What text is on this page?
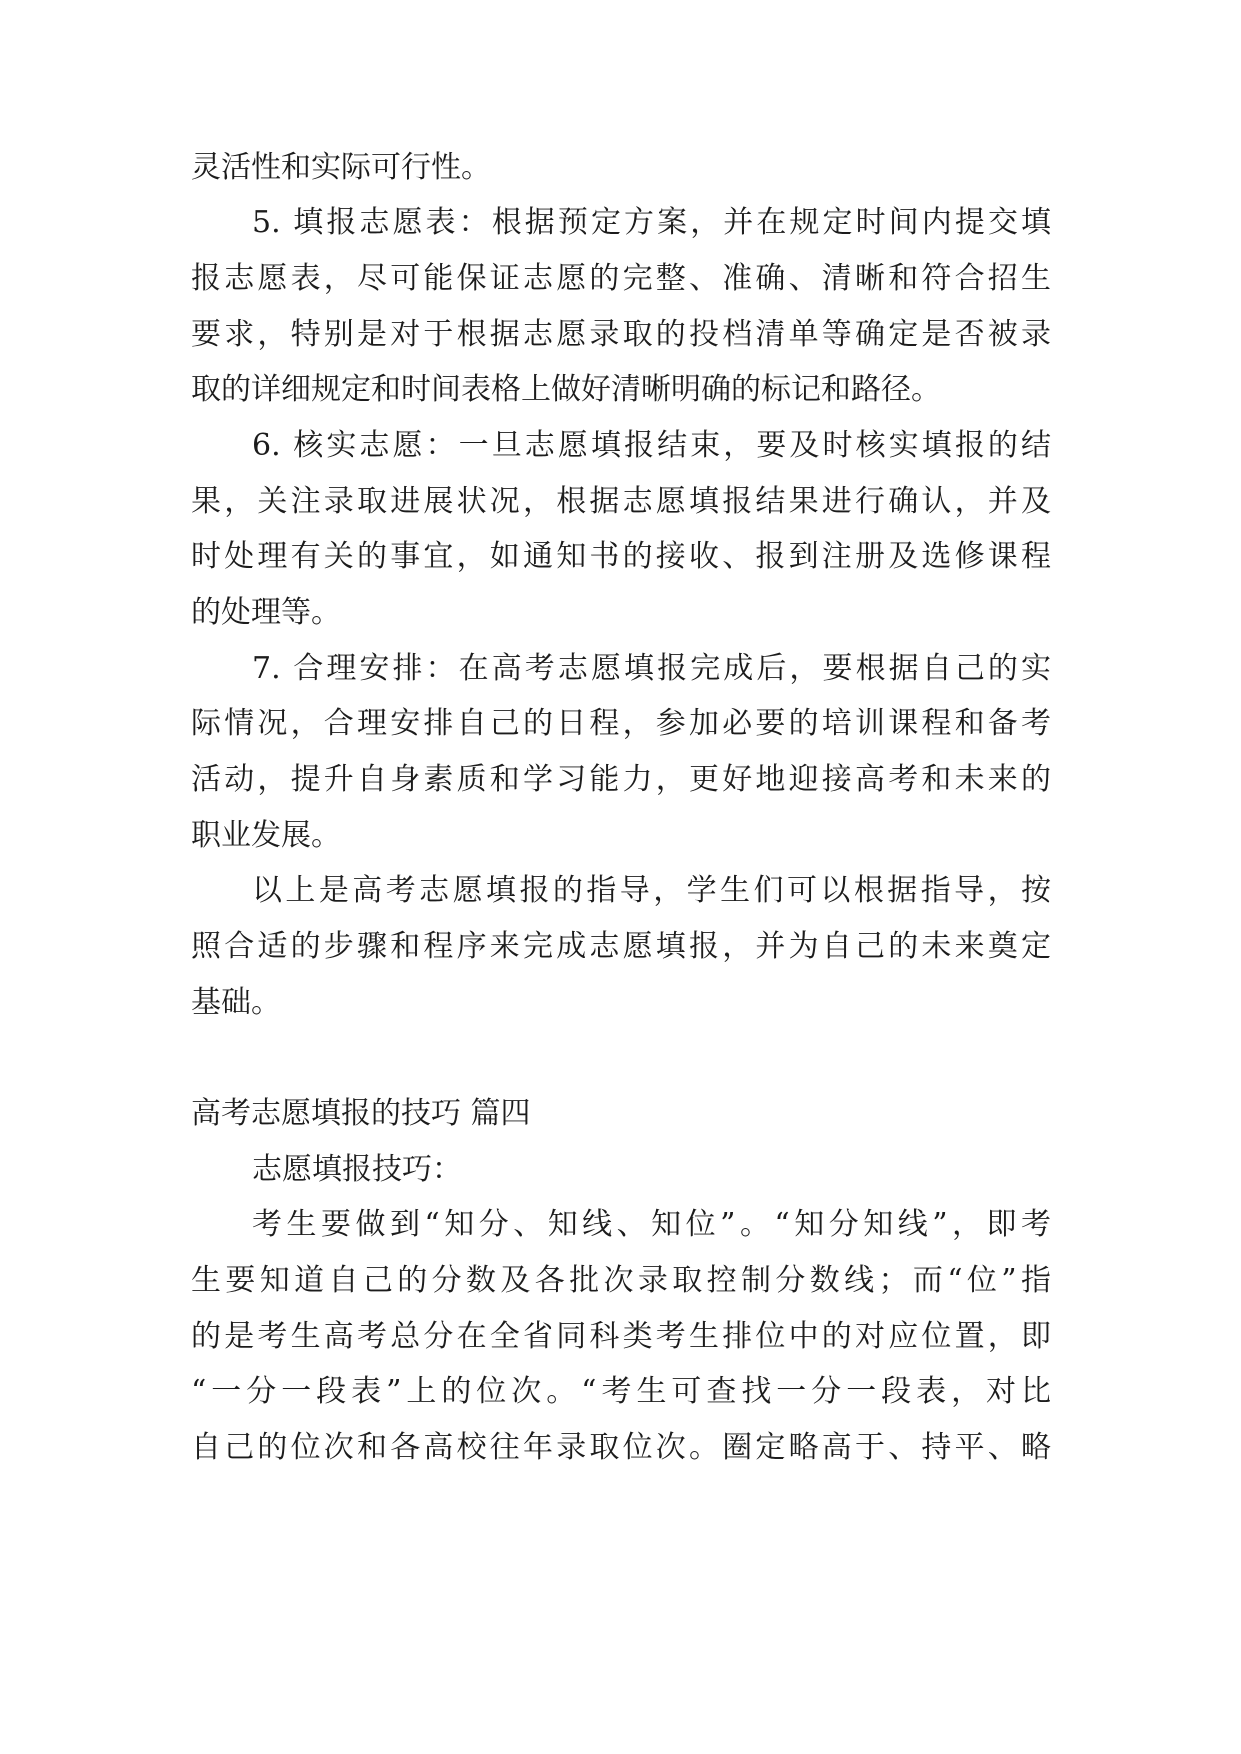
灵活性和实际可行性。
5. 填报志愿表：根据预定方案，并在规定时间内提交填
报志愿表，尽可能保证志愿的完整、准确、清晰和符合招生
要求，特别是对于根据志愿录取的投档清单等确定是否被录
取的详细规定和时间表格上做好清晰明确的标记和路径。
6. 核实志愿：一旦志愿填报结束，要及时核实填报的结
果，关注录取进展状况，根据志愿填报结果进行确认，并及
时处理有关的事宜，如通知书的接收、报到注册及选修课程
的处理等。
7. 合理安排：在高考志愿填报完成后，要根据自己的实
际情况，合理安排自己的日程，参加必要的培训课程和备考
活动，提升自身素质和学习能力，更好地迎接高考和未来的
职业发展。
以上是高考志愿填报的指导，学生们可以根据指导，按
照合适的步骤和程序来完成志愿填报，并为自己的未来奠定
基础。
高考志愿填报的技巧 篇四
志愿填报技巧：
考生要做到“知分、知线、知位”。“知分知线”，即考
生要知道自己的分数及各批次录取控制分数线；而“位”指
的是考生高考总分在全省同科类考生排位中的对应位置，即
“一分一段表”上的位次。“考生可查找一分一段表，对比
自己的位次和各高校往年录取位次。圈定略高于、持平、略
